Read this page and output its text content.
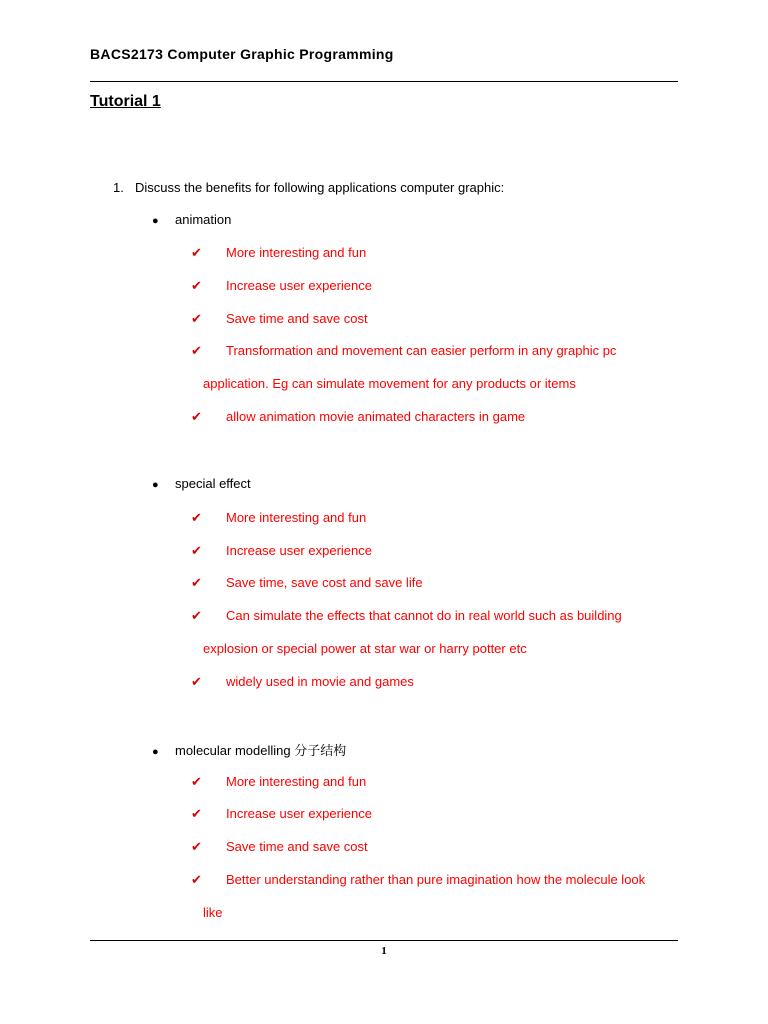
BACS2173 Computer Graphic Programming
Tutorial 1
1. Discuss the benefits for following applications computer graphic:
● animation
✔ More interesting and fun
✔ Increase user experience
✔ Save time and save cost
✔ Transformation and movement can easier perform in any graphic pc
application. Eg can simulate movement for any products or items
✔ allow animation movie animated characters in game
● special effect
✔ More interesting and fun
✔ Increase user experience
✔ Save time, save cost and save life
✔ Can simulate the effects that cannot do in real world such as building
explosion or special power at star war or harry potter etc
✔ widely used in movie and games
● molecular modelling 分子结构
✔ More interesting and fun
✔ Increase user experience
✔ Save time and save cost
✔ Better understanding rather than pure imagination how the molecule look
like
1
